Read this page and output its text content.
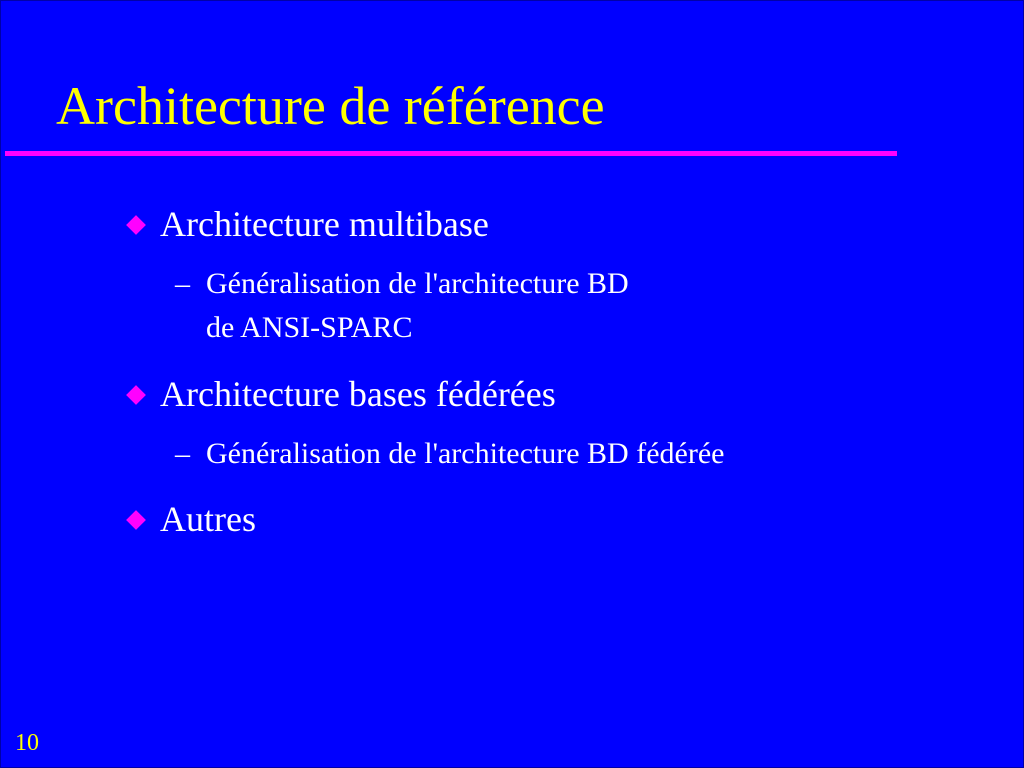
Architecture de référence
Architecture multibase
– Généralisation de l'architecture BD
de ANSI-SPARC
Architecture bases fédérées
– Généralisation de l'architecture BD fédérée
Autres
10
